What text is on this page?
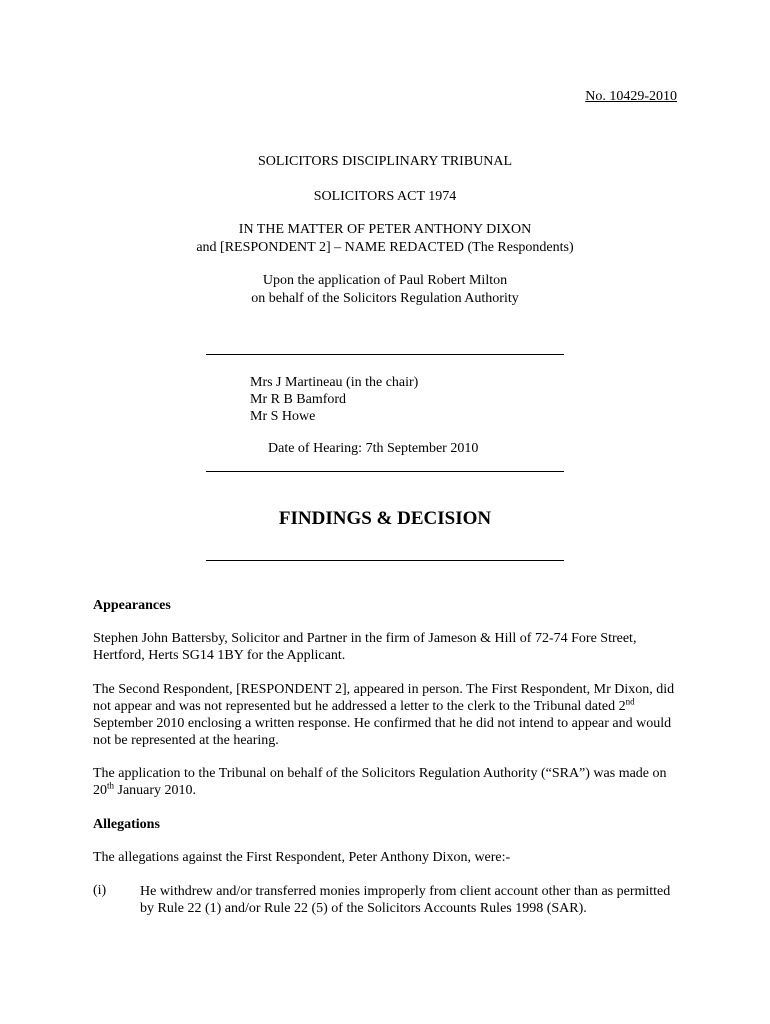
No. 10429-2010
SOLICITORS DISCIPLINARY TRIBUNAL
SOLICITORS ACT 1974
IN THE MATTER OF PETER ANTHONY DIXON
and [RESPONDENT 2] – NAME REDACTED (The Respondents)
Upon the application of Paul Robert Milton
on behalf of the Solicitors Regulation Authority
Mrs J Martineau (in the chair)
Mr R B Bamford
Mr S Howe
Date of Hearing: 7th September 2010
FINDINGS & DECISION
Appearances
Stephen John Battersby, Solicitor and Partner in the firm of Jameson & Hill of 72-74 Fore Street, Hertford, Herts SG14 1BY for the Applicant.
The Second Respondent, [RESPONDENT 2], appeared in person. The First Respondent, Mr Dixon, did not appear and was not represented but he addressed a letter to the clerk to the Tribunal dated 2nd September 2010 enclosing a written response. He confirmed that he did not intend to appear and would not be represented at the hearing.
The application to the Tribunal on behalf of the Solicitors Regulation Authority (“SRA”) was made on 20th January 2010.
Allegations
The allegations against the First Respondent, Peter Anthony Dixon, were:-
(i) He withdrew and/or transferred monies improperly from client account other than as permitted by Rule 22 (1) and/or Rule 22 (5) of the Solicitors Accounts Rules 1998 (SAR).
